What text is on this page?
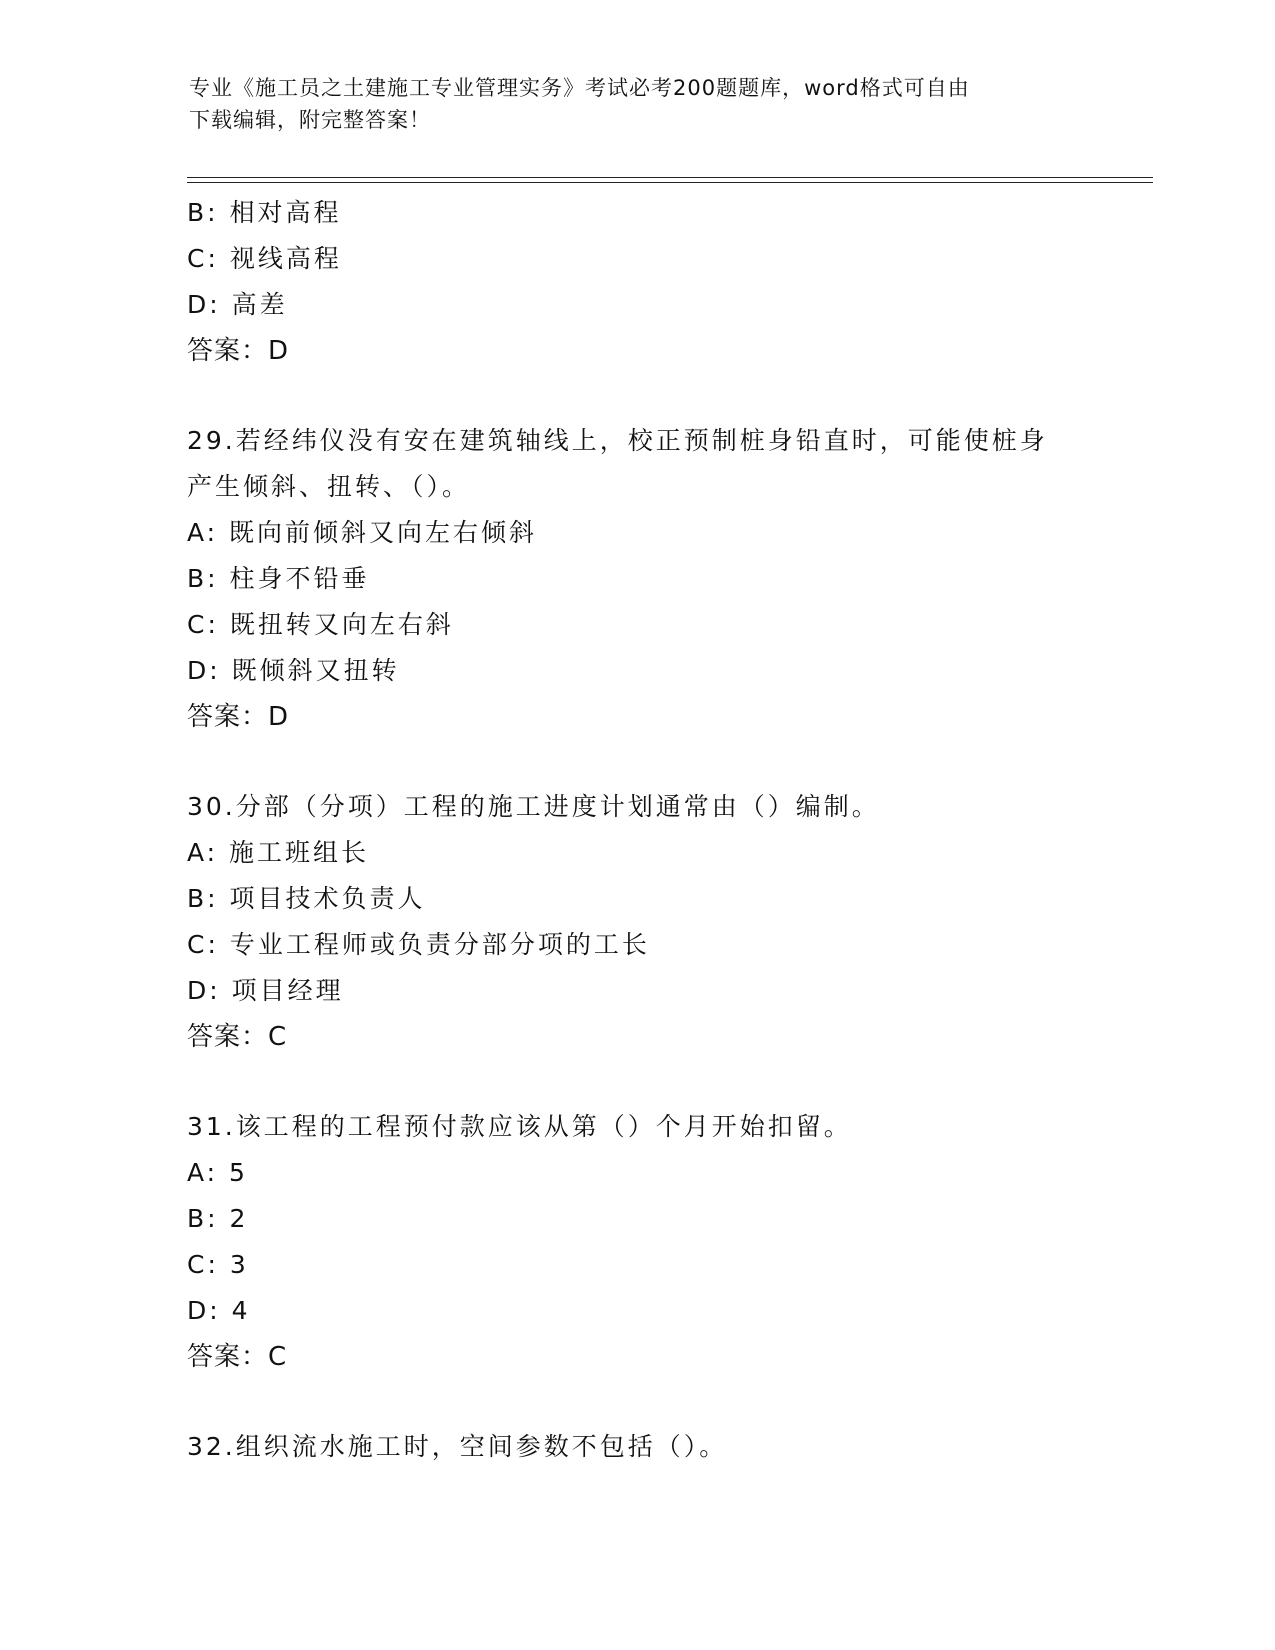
专业《施工员之土建施工专业管理实务》考试必考200题题库，word格式可自由
下载编辑，附完整答案！
B: 相对高程
C: 视线高程
D: 高差
答案：D
29.若经纬仪没有安在建筑轴线上，校正预制桩身铅直时，可能使桩身
产生倾斜、扭转、（）。
A: 既向前倾斜又向左右倾斜
B: 柱身不铅垂
C: 既扭转又向左右斜
D: 既倾斜又扭转
答案：D
30.分部（分项）工程的施工进度计划通常由（）编制。
A: 施工班组长
B: 项目技术负责人
C: 专业工程师或负责分部分项的工长
D: 项目经理
答案：C
31.该工程的工程预付款应该从第（）个月开始扣留。
A: 5
B: 2
C: 3
D: 4
答案：C
32.组织流水施工时，空间参数不包括（）。
